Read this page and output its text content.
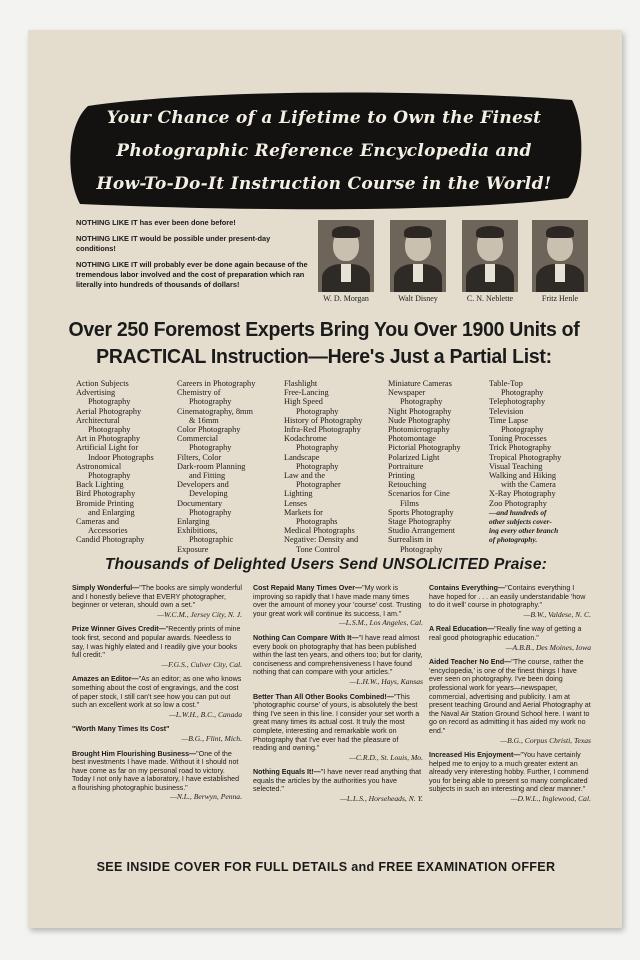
Your Chance of a Lifetime to Own the Finest
Photographic Reference Encyclopedia and
How-To-Do-It Instruction Course in the World!

NOTHING LIKE IT has ever been done before!

NOTHING LIKE IT would be possible under present-day conditions!

NOTHING LIKE IT will probably ever be done again because of the tremendous labor involved and the cost of preparation which ran literally into hundreds of thousands of dollars!

W. D. Morgan	Walt Disney	C. N. Neblette	Fritz Henle
Over 250 Foremost Experts Bring You Over 1900 Units of
PRACTICAL Instruction—Here's Just a Partial List:
Action Subjects
Advertising
Photography
Aerial Photography
Architectural
Photography
Art in Photography
Artificial Light for
Indoor Photographs
Astronomical
Photography
Back Lighting
Bird Photography
Bromide Printing
and Enlarging
Cameras and
Accessories
Candid Photography
Careers in Photography
Chemistry of
Photography
Cinematography, 8mm
& 16mm
Color Photography
Commercial
Photography
Filters, Color
Dark-room Planning
and Fitting
Developers and
Developing
Documentary
Photography
Enlarging
Exhibitions,
Photographic
Exposure
Flashlight
Free-Lancing
High Speed
Photography
History of Photography
Infra-Red Photography
Kodachrome
Photography
Landscape
Photography
Law and the
Photographer
Lighting
Lenses
Markets for
Photographs
Medical Photographs
Negative: Density and
Tone Control
Miniature Cameras
Newspaper
Photography
Night Photography
Nude Photography
Photomicrography
Photomontage
Pictorial Photography
Polarized Light
Portraiture
Printing
Retouching
Scenarios for Cine
Films
Sports Photography
Stage Photography
Studio Arrangement
Surrealism in
Photography
Table-Top
Photography
Telephotography
Television
Time Lapse
Photography
Toning Processes
Trick Photography
Tropical Photography
Visual Teaching
Walking and Hiking
with the Camera
X-Ray Photography
Zoo Photography
—and hundreds of
other subjects cover-
ing every other branch
of photography.
Thousands of Delighted Users Send UNSOLICITED Praise:
Simply Wonderful—"The books are simply wonderful and I honestly believe that EVERY photographer, beginner or veteran, should own a set."
—W.C.M., Jersey City, N. J.
Prize Winner Gives Credit—"Recently prints of mine took first, second and popular awards. Needless to say, I was highly elated and I readily give your books full credit."
—F.G.S., Culver City, Cal.
Amazes an Editor—"As an editor; as one who knows something about the cost of engravings, and the cost of paper stock, I still can't see how you can put out such an excellent work at so low a cost."
—L.W.H., B.C., Canada
"Worth Many Times Its Cost"
—B.G., Flint, Mich.
Brought Him Flourishing Business—"One of the best investments I have made. Without it I should not have come as far on my personal road to victory. Today I not only have a laboratory, I have established a flourishing photographic business."
—N.L., Berwyn, Penna.
Cost Repaid Many Times Over—"My work is improving so rapidly that I have made many times over the amount of money your 'course' cost. Trusting your great work will continue its success, I am."
—L.S.M., Los Angeles, Cal.
Nothing Can Compare With It—"I have read almost every book on photography that has been published within the last ten years, and others too; but for clarity, conciseness and comprehensiveness I have found nothing that can compare with your articles."
—L.H.W., Hays, Kansas
Better Than All Other Books Combined!—"This 'photographic course' of yours, is absolutely the best thing I've seen in this line. I consider your set worth a great many times its actual cost. It truly the most complete, interesting and remarkable work on Photography that I've ever had the pleasure of reading and owning."
—C.R.D., St. Louis, Mo.
Nothing Equals It!—"I have never read anything that equals the articles by the authorities you have selected."
—L.L.S., Horseheads, N. Y.
Contains Everything—"Contains everything I have hoped for . . . an easily understandable 'how to do it well' course in photography."
—B.W., Valdese, N. C.
A Real Education—"Really fine way of getting a real good photographic education."
—A.B.B., Des Moines, Iowa
Aided Teacher No End—"The course, rather the 'encyclopedia,' is one of the finest things I have ever seen on photography. I've been doing professional work for years—newspaper, commercial, advertising and publicity. I am at present teaching Ground and Aerial Photography at the Naval Air Station Ground School here. I want to go on record as admitting it has aided my work no end."
—B.G., Corpus Christi, Texas
Increased His Enjoyment—"You have certainly helped me to enjoy to a much greater extent an already very interesting hobby. Further, I commend you for being able to present so many complicated subjects in such an interesting and clear manner."
—D.W.L., Inglewood, Cal.
SEE INSIDE COVER FOR FULL DETAILS and FREE EXAMINATION OFFER
